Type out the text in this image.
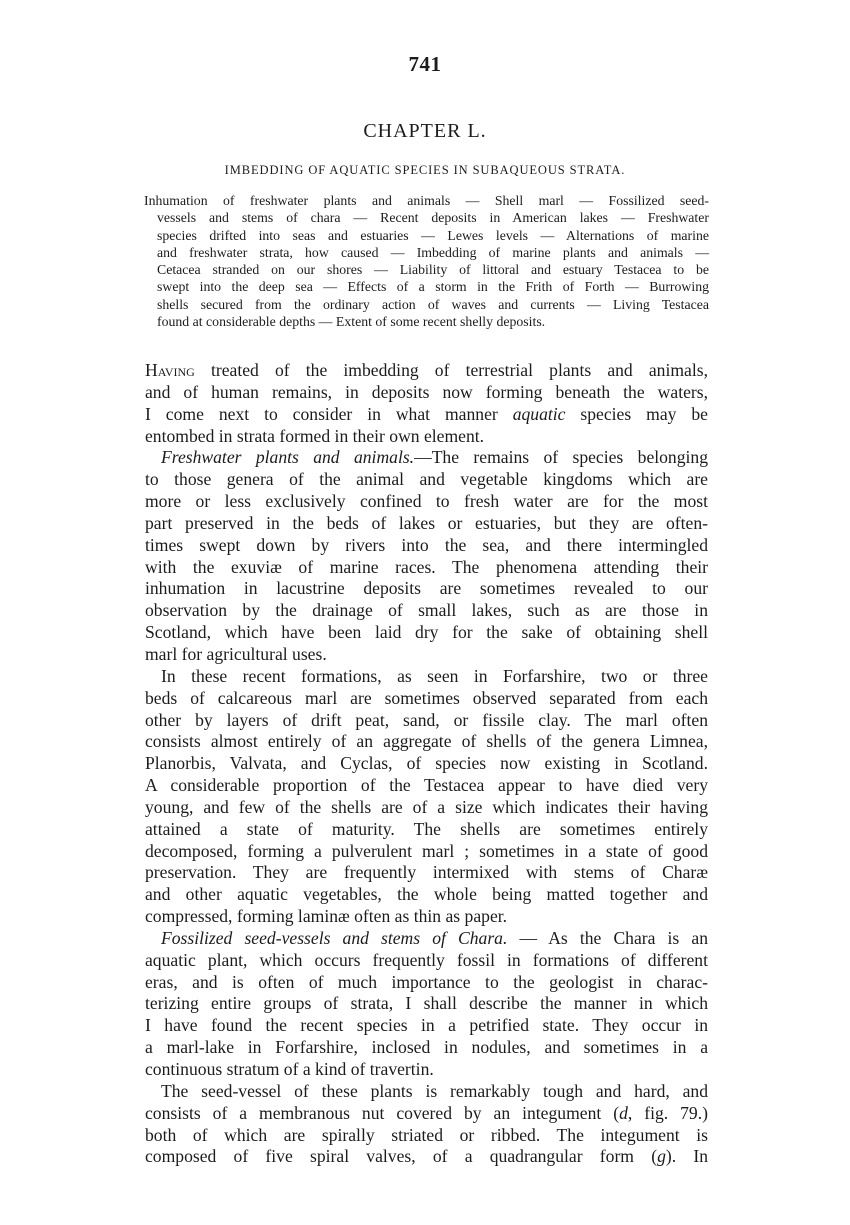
741
CHAPTER L.
IMBEDDING OF AQUATIC SPECIES IN SUBAQUEOUS STRATA.
Inhumation of freshwater plants and animals — Shell marl — Fossilized seed-
vessels and stems of chara — Recent deposits in American lakes — Freshwater
species drifted into seas and estuaries — Lewes levels — Alternations of marine
and freshwater strata, how caused — Imbedding of marine plants and animals —
Cetacea stranded on our shores — Liability of littoral and estuary Testacea to be
swept into the deep sea — Effects of a storm in the Frith of Forth — Burrowing
shells secured from the ordinary action of waves and currents — Living Testacea
found at considerable depths — Extent of some recent shelly deposits.
Having treated of the imbedding of terrestrial plants and animals,
and of human remains, in deposits now forming beneath the waters,
I come next to consider in what manner aquatic species may be
entombed in strata formed in their own element.
Freshwater plants and animals.—The remains of species belonging
to those genera of the animal and vegetable kingdoms which are
more or less exclusively confined to fresh water are for the most
part preserved in the beds of lakes or estuaries, but they are often-
times swept down by rivers into the sea, and there intermingled
with the exuviæ of marine races. The phenomena attending their
inhumation in lacustrine deposits are sometimes revealed to our
observation by the drainage of small lakes, such as are those in
Scotland, which have been laid dry for the sake of obtaining shell
marl for agricultural uses.
In these recent formations, as seen in Forfarshire, two or three
beds of calcareous marl are sometimes observed separated from each
other by layers of drift peat, sand, or fissile clay. The marl often
consists almost entirely of an aggregate of shells of the genera Limnea,
Planorbis, Valvata, and Cyclas, of species now existing in Scotland.
A considerable proportion of the Testacea appear to have died very
young, and few of the shells are of a size which indicates their having
attained a state of maturity. The shells are sometimes entirely
decomposed, forming a pulverulent marl ; sometimes in a state of good
preservation. They are frequently intermixed with stems of Charæ
and other aquatic vegetables, the whole being matted together and
compressed, forming laminæ often as thin as paper.
Fossilized seed-vessels and stems of Chara. — As the Chara is an
aquatic plant, which occurs frequently fossil in formations of different
eras, and is often of much importance to the geologist in charac-
terizing entire groups of strata, I shall describe the manner in which
I have found the recent species in a petrified state. They occur in
a marl-lake in Forfarshire, inclosed in nodules, and sometimes in a
continuous stratum of a kind of travertin.
The seed-vessel of these plants is remarkably tough and hard, and
consists of a membranous nut covered by an integument (d, fig. 79.)
both of which are spirally striated or ribbed. The integument is
composed of five spiral valves, of a quadrangular form (g). In
